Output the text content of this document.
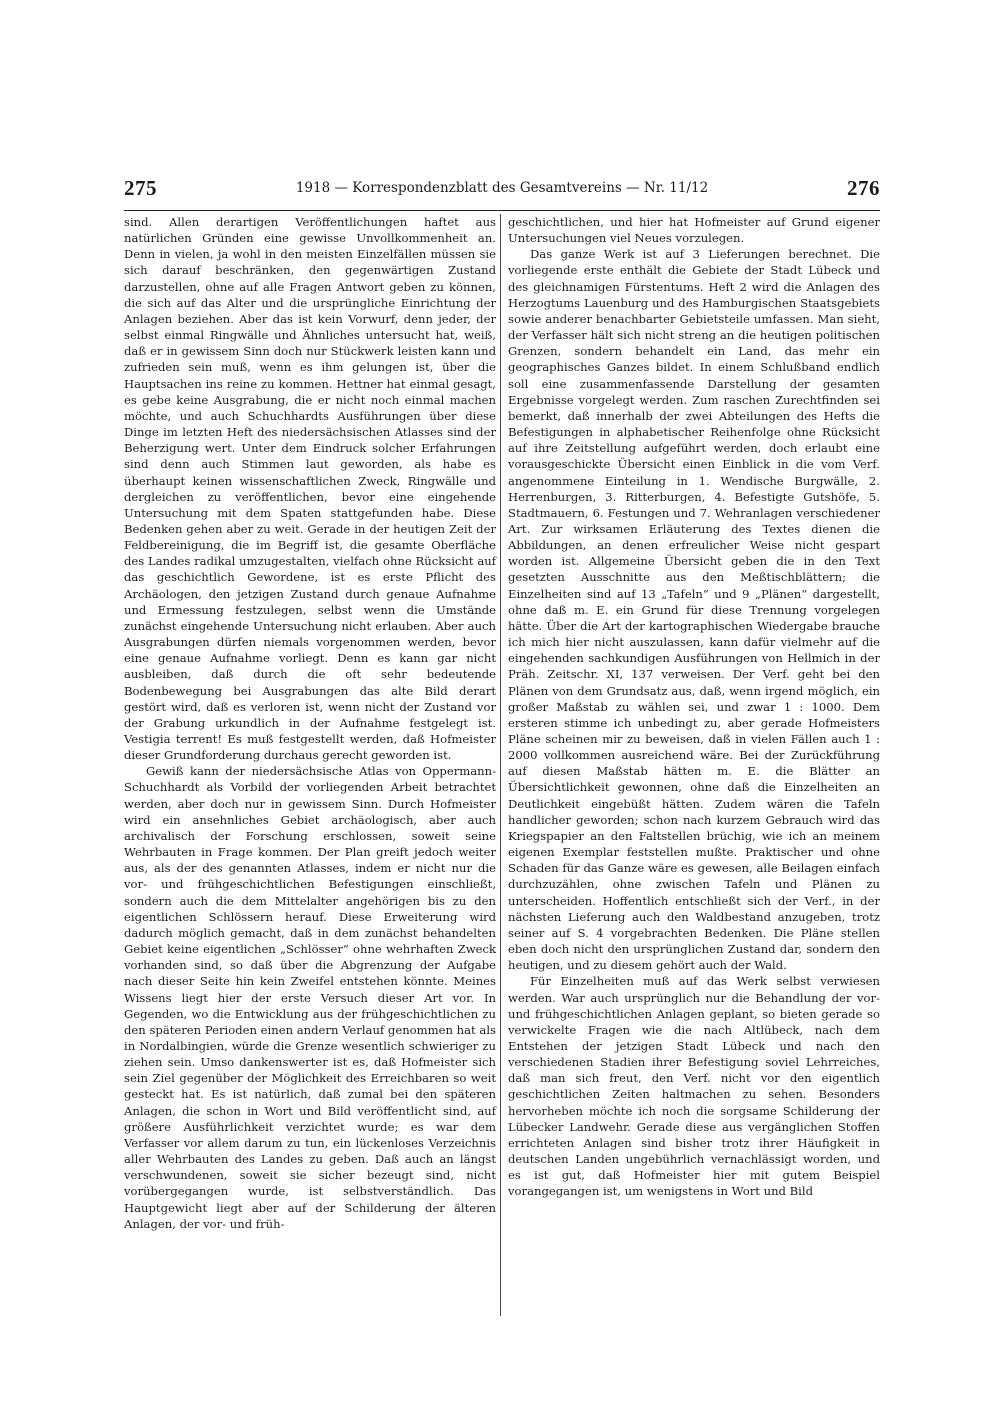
275	1918 — Korrespondenzblatt des Gesamtvereins — Nr. 11/12	276

sind. Allen derartigen Veröffentlichungen haftet aus natürlichen Gründen eine gewisse Unvollkommenheit an. Denn in vielen, ja wohl in den meisten Einzelfällen müssen sie sich darauf beschränken, den gegenwärtigen Zustand darzustellen, ohne auf alle Fragen Antwort geben zu können, die sich auf das Alter und die ursprüngliche Einrichtung der Anlagen beziehen. Aber das ist kein Vorwurf, denn jeder, der selbst einmal Ringwälle und Ähnliches untersucht hat, weiß, daß er in gewissem Sinn doch nur Stückwerk leisten kann und zufrieden sein muß, wenn es ihm gelungen ist, über die Hauptsachen ins reine zu kommen. Hettner hat einmal gesagt, es gebe keine Ausgrabung, die er nicht noch einmal machen möchte, und auch Schuchhardts Ausführungen über diese Dinge im letzten Heft des niedersächsischen Atlasses sind der Beherzigung wert. Unter dem Eindruck solcher Erfahrungen sind denn auch Stimmen laut geworden, als habe es überhaupt keinen wissenschaftlichen Zweck, Ringwälle und dergleichen zu veröffentlichen, bevor eine eingehende Untersuchung mit dem Spaten stattgefunden habe. Diese Bedenken gehen aber zu weit. Gerade in der heutigen Zeit der Feldbereinigung, die im Begriff ist, die gesamte Oberfläche des Landes radikal umzugestalten, vielfach ohne Rücksicht auf das geschichtlich Gewordene, ist es erste Pflicht des Archäologen, den jetzigen Zustand durch genaue Aufnahme und Ermessung festzulegen, selbst wenn die Umstände zunächst eingehende Untersuchung nicht erlauben. Aber auch Ausgrabungen dürfen niemals vorgenommen werden, bevor eine genaue Aufnahme vorliegt. Denn es kann gar nicht ausbleiben, daß durch die oft sehr bedeutende Bodenbewegung bei Ausgrabungen das alte Bild derart gestört wird, daß es verloren ist, wenn nicht der Zustand vor der Grabung urkundlich in der Aufnahme festgelegt ist. Vestigia terrent! Es muß festgestellt werden, daß Hofmeister dieser Grundforderung durchaus gerecht geworden ist.

Gewiß kann der niedersächsische Atlas von Oppermann-Schuchhardt als Vorbild der vorliegenden Arbeit betrachtet werden, aber doch nur in gewissem Sinn. Durch Hofmeister wird ein ansehnliches Gebiet archäologisch, aber auch archivalisch der Forschung erschlossen, soweit seine Wehrbauten in Frage kommen. Der Plan greift jedoch weiter aus, als der des genannten Atlasses, indem er nicht nur die vor- und frühgeschichtlichen Befestigungen einschließt, sondern auch die dem Mittelalter angehörigen bis zu den eigentlichen Schlössern herauf. Diese Erweiterung wird dadurch möglich gemacht, daß in dem zunächst behandelten Gebiet keine eigentlichen „Schlösser“ ohne wehrhaften Zweck vorhanden sind, so daß über die Abgrenzung der Aufgabe nach dieser Seite hin kein Zweifel entstehen könnte. Meines Wissens liegt hier der erste Versuch dieser Art vor. In Gegenden, wo die Entwicklung aus der frühgeschichtlichen zu den späteren Perioden einen andern Verlauf genommen hat als in Nordalbingien, würde die Grenze wesentlich schwieriger zu ziehen sein. Umso dankenswerter ist es, daß Hofmeister sich sein Ziel gegenüber der Möglichkeit des Erreichbaren so weit gesteckt hat. Es ist natürlich, daß zumal bei den späteren Anlagen, die schon in Wort und Bild veröffentlicht sind, auf größere Ausführlichkeit verzichtet wurde; es war dem Verfasser vor allem darum zu tun, ein lückenloses Verzeichnis aller Wehrbauten des Landes zu geben. Daß auch an längst verschwundenen, soweit sie sicher bezeugt sind, nicht vorübergegangen wurde, ist selbstverständlich. Das Hauptgewicht liegt aber auf der Schilderung der älteren Anlagen, der vor- und früh-

geschichtlichen, und hier hat Hofmeister auf Grund eigener Untersuchungen viel Neues vorzulegen.

Das ganze Werk ist auf 3 Lieferungen berechnet. Die vorliegende erste enthält die Gebiete der Stadt Lübeck und des gleichnamigen Fürstentums. Heft 2 wird die Anlagen des Herzogtums Lauenburg und des Hamburgischen Staatsgebiets sowie anderer benachbarter Gebietsteile umfassen. Man sieht, der Verfasser hält sich nicht streng an die heutigen politischen Grenzen, sondern behandelt ein Land, das mehr ein geographisches Ganzes bildet. In einem Schlußband endlich soll eine zusammenfassende Darstellung der gesamten Ergebnisse vorgelegt werden. Zum raschen Zurechtfinden sei bemerkt, daß innerhalb der zwei Abteilungen des Hefts die Befestigungen in alphabetischer Reihenfolge ohne Rücksicht auf ihre Zeitstellung aufgeführt werden, doch erlaubt eine vorausgeschickte Übersicht einen Einblick in die vom Verf. angenommene Einteilung in 1. Wendische Burgwälle, 2. Herrenburgen, 3. Ritterburgen, 4. Befestigte Gutshöfe, 5. Stadtmauern, 6. Festungen und 7. Wehranlagen verschiedener Art. Zur wirksamen Erläuterung des Textes dienen die Abbildungen, an denen erfreulicher Weise nicht gespart worden ist. Allgemeine Übersicht geben die in den Text gesetzten Ausschnitte aus den Meßtischblättern; die Einzelheiten sind auf 13 „Tafeln“ und 9 „Plänen“ dargestellt, ohne daß m. E. ein Grund für diese Trennung vorgelegen hätte. Über die Art der kartographischen Wiedergabe brauche ich mich hier nicht auszulassen, kann dafür vielmehr auf die eingehenden sachkundigen Ausführungen von Hellmich in der Präh. Zeitschr. XI, 137 verweisen. Der Verf. geht bei den Plänen von dem Grundsatz aus, daß, wenn irgend möglich, ein großer Maßstab zu wählen sei, und zwar 1 : 1000. Dem ersteren stimme ich unbedingt zu, aber gerade Hofmeisters Pläne scheinen mir zu beweisen, daß in vielen Fällen auch 1 : 2000 vollkommen ausreichend wäre. Bei der Zurückführung auf diesen Maßstab hätten m. E. die Blätter an Übersichtlichkeit gewonnen, ohne daß die Einzelheiten an Deutlichkeit eingebüßt hätten. Zudem wären die Tafeln handlicher geworden; schon nach kurzem Gebrauch wird das Kriegspapier an den Faltstellen brüchig, wie ich an meinem eigenen Exemplar feststellen mußte. Praktischer und ohne Schaden für das Ganze wäre es gewesen, alle Beilagen einfach durchzuzählen, ohne zwischen Tafeln und Plänen zu unterscheiden. Hoffentlich entschließt sich der Verf., in der nächsten Lieferung auch den Waldbestand anzugeben, trotz seiner auf S. 4 vorgebrachten Bedenken. Die Pläne stellen eben doch nicht den ursprünglichen Zustand dar, sondern den heutigen, und zu diesem gehört auch der Wald.

Für Einzelheiten muß auf das Werk selbst verwiesen werden. War auch ursprünglich nur die Behandlung der vor- und frühgeschichtlichen Anlagen geplant, so bieten gerade so verwickelte Fragen wie die nach Altlübeck, nach dem Entstehen der jetzigen Stadt Lübeck und nach den verschiedenen Stadien ihrer Befestigung soviel Lehrreiches, daß man sich freut, den Verf. nicht vor den eigentlich geschichtlichen Zeiten haltmachen zu sehen. Besonders hervorheben möchte ich noch die sorgsame Schilderung der Lübecker Landwehr. Gerade diese aus vergänglichen Stoffen errichteten Anlagen sind bisher trotz ihrer Häufigkeit in deutschen Landen ungebührlich vernachlässigt worden, und es ist gut, daß Hofmeister hier mit gutem Beispiel vorangegangen ist, um wenigstens in Wort und Bild
